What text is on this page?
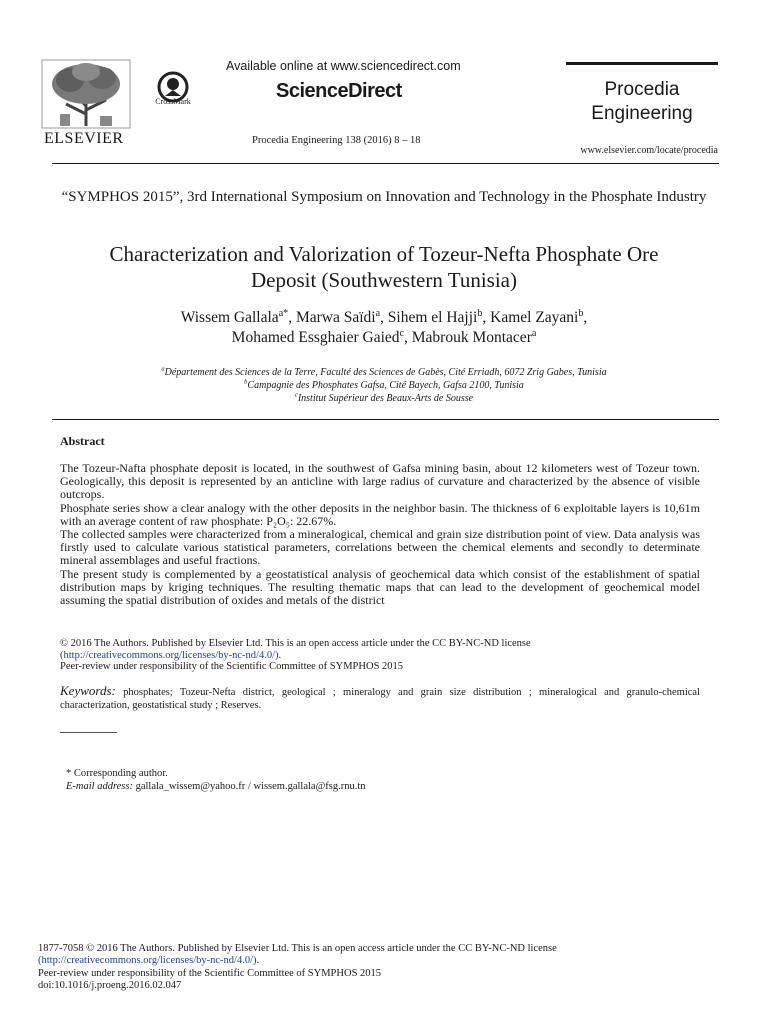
ELSEVIER
CrossMark
Available online at www.sciencedirect.com
ScienceDirect
Procedia Engineering 138 (2016) 8 – 18
Procedia
Engineering
www.elsevier.com/locate/procedia
“SYMPHOS 2015”, 3rd International Symposium on Innovation and Technology in the Phosphate Industry
Characterization and Valorization of Tozeur-Nefta Phosphate Ore
Deposit (Southwestern Tunisia)
Wissem Gallala$^{a*}$, Marwa Saïdi$^a$, Sihem el Hajji$^b$, Kamel Zayani$^b$,
Mohamed Essghaier Gaied$^c$, Mabrouk Montacer$^a$
$^a$Département des Sciences de la Terre, Faculté des Sciences de Gabès, Cité Erriadh, 6072 Zrig Gabes, Tunisia
$^b$Campagnie des Phosphates Gafsa, Cité Bayech, Gafsa 2100, Tunisia
$^c$Institut Supérieur des Beaux-Arts de Sousse
Abstract

The Tozeur-Nafta phosphate deposit is located, in the southwest of Gafsa mining basin, about 12 kilometers west of Tozeur town. Geologically, this deposit is represented by an anticline with large radius of curvature and characterized by the absence of visible outcrops.

Phosphate series show a clear analogy with the other deposits in the neighbor basin. The thickness of 6 exploitable layers is 10,61m with an average content of raw phosphate: P₂O₅: 22.67%.

The collected samples were characterized from a mineralogical, chemical and grain size distribution point of view. Data analysis was firstly used to calculate various statistical parameters, correlations between the chemical elements and secondly to determinate mineral assemblages and useful fractions.

The present study is complemented by a geostatistical analysis of geochemical data which consist of the establishment of spatial distribution maps by kriging techniques. The resulting thematic maps that can lead to the development of geochemical model assuming the spatial distribution of oxides and metals of the district

© 2016 The Authors. Published by Elsevier Ltd. This is an open access article under the CC BY-NC-ND license

(http://creativecommons.org/licenses/by-nc-nd/4.0/).

Peer-review under responsibility of the Scientific Committee of SYMPHOS 2015

Keywords: phosphates; Tozeur-Nefta district, geological ; mineralogy and grain size distribution ; mineralogical and granulo-chemical characterization, geostatistical study ; Reserves.

* Corresponding author.

E-mail address: gallala_wissem@yahoo.fr / wissem.gallala@fsg.rnu.tn

1877-7058 © 2016 The Authors. Published by Elsevier Ltd. This is an open access article under the CC BY-NC-ND license

(http://creativecommons.org/licenses/by-nc-nd/4.0/).

Peer-review under responsibility of the Scientific Committee of SYMPHOS 2015

doi:10.1016/j.proeng.2016.02.047
